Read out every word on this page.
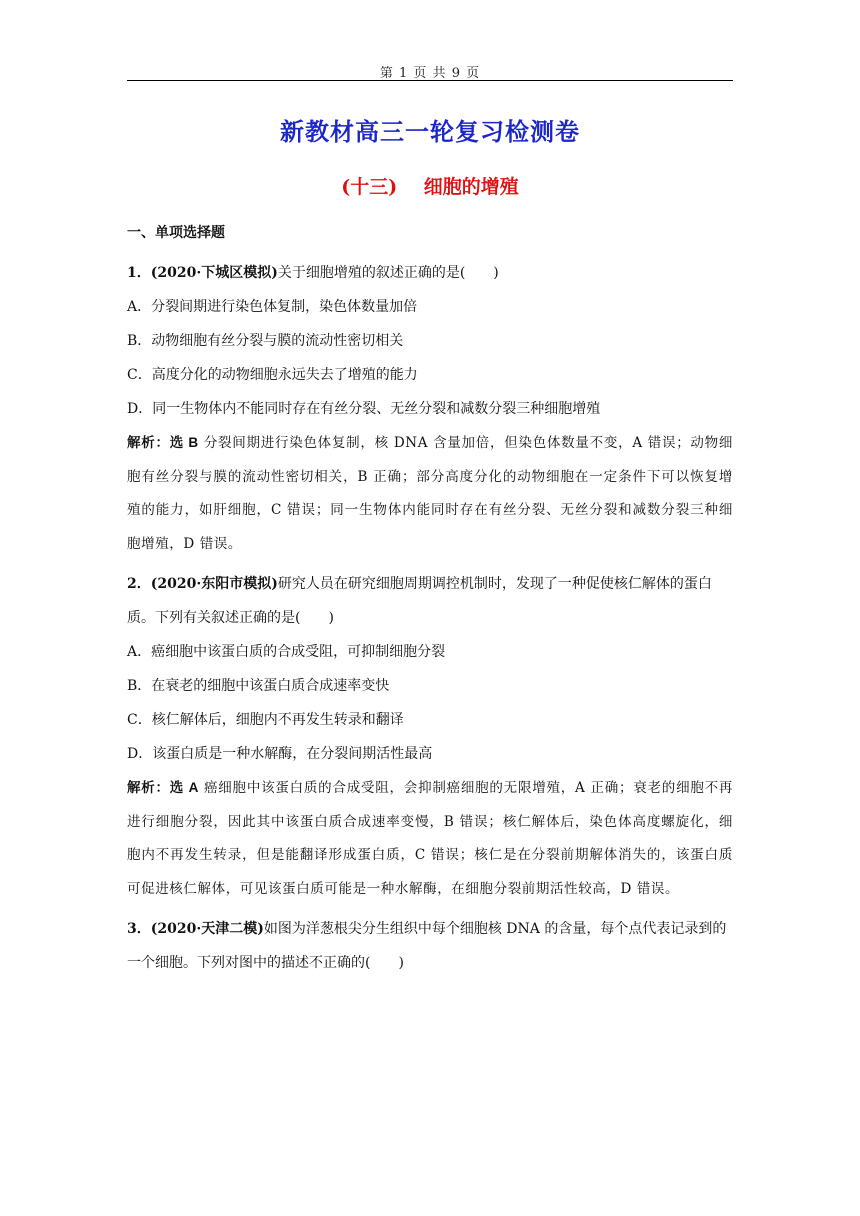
第 1 页 共 9 页
新教材高三一轮复习检测卷
(十三) 细胞的增殖
一、单项选择题
1．(2020·下城区模拟)关于细胞增殖的叙述正确的是(　　)
A．分裂间期进行染色体复制，染色体数量加倍
B．动物细胞有丝分裂与膜的流动性密切相关
C．高度分化的动物细胞永远失去了增殖的能力
D．同一生物体内不能同时存在有丝分裂、无丝分裂和减数分裂三种细胞增殖
解析：选 B 分裂间期进行染色体复制，核 DNA 含量加倍，但染色体数量不变，A 错误；动物细胞有丝分裂与膜的流动性密切相关，B 正确；部分高度分化的动物细胞在一定条件下可以恢复增殖的能力，如肝细胞，C 错误；同一生物体内能同时存在有丝分裂、无丝分裂和减数分裂三种细胞增殖，D 错误。
2．(2020·东阳市模拟)研究人员在研究细胞周期调控机制时，发现了一种促使核仁解体的蛋白质。下列有关叙述正确的是(　　)
A．癌细胞中该蛋白质的合成受阻，可抑制细胞分裂
B．在衰老的细胞中该蛋白质合成速率变快
C．核仁解体后，细胞内不再发生转录和翻译
D．该蛋白质是一种水解酶，在分裂间期活性最高
解析：选 A 癌细胞中该蛋白质的合成受阻，会抑制癌细胞的无限增殖，A 正确；衰老的细胞不再进行细胞分裂，因此其中该蛋白质合成速率变慢，B 错误；核仁解体后，染色体高度螺旋化，细胞内不再发生转录，但是能翻译形成蛋白质，C 错误；核仁是在分裂前期解体消失的，该蛋白质可促进核仁解体，可见该蛋白质可能是一种水解酶，在细胞分裂前期活性较高，D 错误。
3．(2020·天津二模)如图为洋葱根尖分生组织中每个细胞核 DNA 的含量，每个点代表记录到的一个细胞。下列对图中的描述不正确的(　　)
